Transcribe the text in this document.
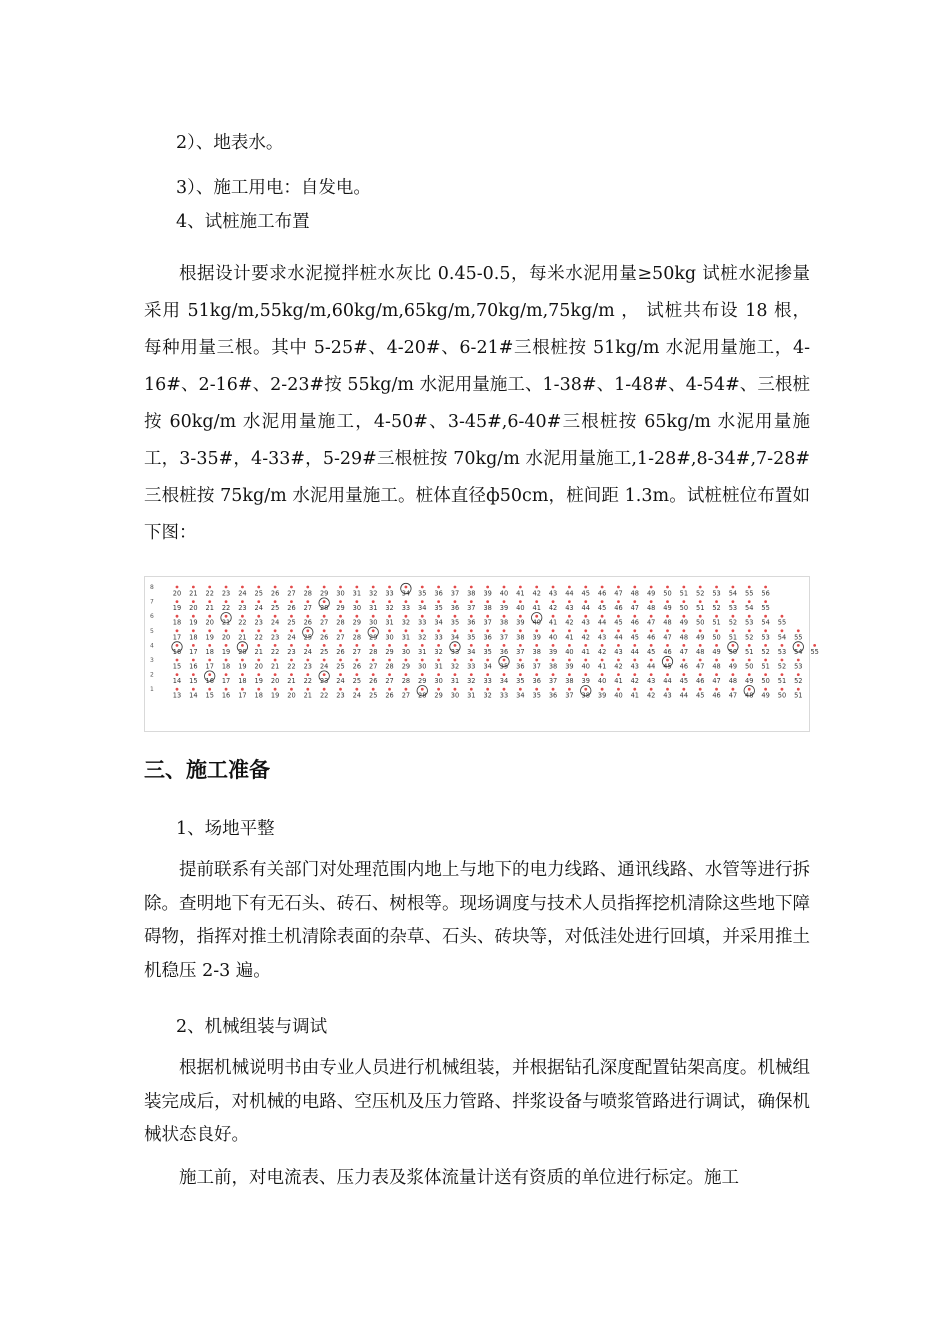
2）、地表水。
3）、施工用电：自发电。
4、试桩施工布置
根据设计要求水泥搅拌桩水灰比 0.45-0.5，每米水泥用量≥50kg 试桩水泥掺量采用 51kg/m,55kg/m,60kg/m,65kg/m,70kg/m,75kg/m ， 试桩共布设 18 根，每种用量三根。其中 5-25#、4-20#、6-21#三根桩按 51kg/m 水泥用量施工，4-16#、2-16#、2-23#按 55kg/m 水泥用量施工、1-38#、1-48#、4-54#、三根桩按 60kg/m 水泥用量施工，4-50#、3-45#,6-40#三根桩按 65kg/m 水泥用量施工，3-35#，4-33#，5-29#三根桩按 70kg/m 水泥用量施工,1-28#,8-34#,7-28#三根桩按 75kg/m 水泥用量施工。桩体直径ф50cm，桩间距 1.3m。试桩桩位布置如下图：
8
20 21 22 23 24 25 26 27 28 29 30 31 32 33 34 35 36 37 38 39 40 41 42 43 44 45 46 47 48 49 50 51 52 53 54 55 56
7
19 20 21 22 23 24 25 26 27 28 29 30 31 32 33 34 35 36 37 38 39 40 41 42 43 44 45 46 47 48 49 50 51 52 53 54 55
6
18 19 20 21 22 23 24 25 26 27 28 29 30 31 32 33 34 35 36 37 38 39 40 41 42 43 44 45 46 47 48 49 50 51 52 53 54 55
5
17 18 19 20 21 22 23 24 25 26 27 28 29 30 31 32 33 34 35 36 37 38 39 40 41 42 43 44 45 46 47 48 49 50 51 52 53 54 55
4
16 17 18 19 20 21 22 23 24 25 26 27 28 29 30 31 32 33 34 35 36 37 38 39 40 41 42 43 44 45 46 47 48 49 50 51 52 53 54 55
3
15 16 17 18 19 20 21 22 23 24 25 26 27 28 29 30 31 32 33 34 35 36 37 38 39 40 41 42 43 44 45 46 47 48 49 50 51 52 53
2
14 15 16 17 18 19 20 21 22 23 24 25 26 27 28 29 30 31 32 33 34 35 36 37 38 39 40 41 42 43 44 45 46 47 48 49 50 51 52
1
13 14 15 16 17 18 19 20 21 22 23 24 25 26 27 28 29 30 31 32 33 34 35 36 37 38 39 40 41 42 43 44 45 46 47 48 49 50 51
三、施工准备
1、场地平整
提前联系有关部门对处理范围内地上与地下的电力线路、通讯线路、水管等进行拆除。查明地下有无石头、砖石、树根等。现场调度与技术人员指挥挖机清除这些地下障碍物，指挥对推土机清除表面的杂草、石头、砖块等，对低洼处进行回填，并采用推土机稳压 2-3 遍。
2、机械组装与调试
根据机械说明书由专业人员进行机械组装，并根据钻孔深度配置钻架高度。机械组装完成后，对机械的电路、空压机及压力管路、拌浆设备与喷浆管路进行调试，确保机械状态良好。
施工前，对电流表、压力表及浆体流量计送有资质的单位进行标定。施工
